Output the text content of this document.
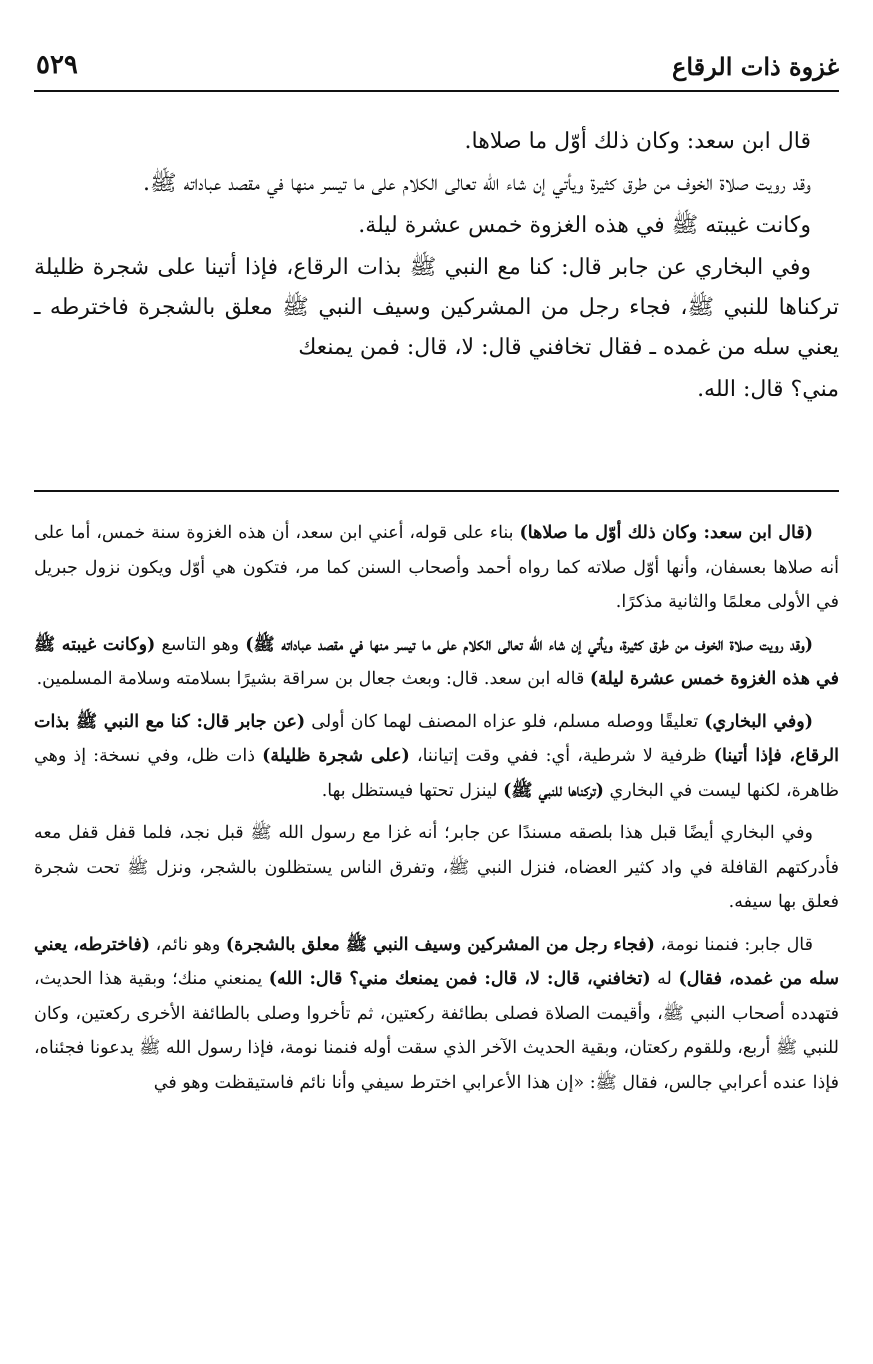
غزوة ذات الرقاع
٥٢٩

قال ابن سعد: وكان ذلك أوّل ما صلاها.

وقد رويت صلاة الخوف من طرق كثيرة ويأتي إن شاء الله تعالى الكلام على ما تيسر منها في مقصد عباداته ﷺ.

وكانت غيبته ﷺ في هذه الغزوة خمس عشرة ليلة.

وفي البخاري عن جابر قال: كنا مع النبي ﷺ بذات الرقاع، فإذا أتينا على شجرة ظليلة تركناها للنبي ﷺ، فجاء رجل من المشركين وسيف النبي ﷺ معلق بالشجرة فاخترطه ـ يعني سله من غمده ـ فقال تخافني قال: لا، قال: فمن يمنعك

مني؟ قال: الله.

(قال ابن سعد: وكان ذلك أوّل ما صلاها) بناء على قوله، أعني ابن سعد، أن هذه الغزوة سنة خمس، أما على أنه صلاها بعسفان، وأنها أوّل صلاته كما رواه أحمد وأصحاب السنن كما مر، فتكون هي أوّل ويكون نزول جبريل في الأولى معلمًا والثانية مذكرًا.

(وقد رويت صلاة الخوف من طرق كثيرة، ويأتي إن شاء الله تعالى الكلام على ما تيسر منها في مقصد عباداته ﷺ) وهو التاسع (وكانت غيبته ﷺ في هذه الغزوة خمس عشرة ليلة) قاله ابن سعد. قال: وبعث جعال بن سراقة بشيرًا بسلامته وسلامة المسلمين.

(وفي البخاري) تعليقًا ووصله مسلم، فلو عزاه المصنف لهما كان أولى (عن جابر قال: كنا مع النبي ﷺ بذات الرقاع، فإذا أتينا) ظرفية لا شرطية، أي: ففي وقت إتياننا، (على شجرة ظليلة) ذات ظل، وفي نسخة: إذ وهي ظاهرة، لكنها ليست في البخاري (تركناها للنبي ﷺ) لينزل تحتها فيستظل بها.

وفي البخاري أيضًا قبل هذا بلصقه مسندًا عن جابر؛ أنه غزا مع رسول الله ﷺ قبل نجد، فلما قفل قفل معه فأدركتهم القافلة في واد كثير العضاه، فنزل النبي ﷺ، وتفرق الناس يستظلون بالشجر، ونزل ﷺ تحت شجرة فعلق بها سيفه.

قال جابر: فنمنا نومة، (فجاء رجل من المشركين وسيف النبي ﷺ معلق بالشجرة) وهو نائم، (فاخترطه، يعني سله من غمده، فقال) له (تخافني، قال: لا، قال: فمن يمنعك مني؟ قال: الله) يمنعني منك؛ وبقية هذا الحديث، فتهدده أصحاب النبي ﷺ، وأقيمت الصلاة فصلى بطائفة ركعتين، ثم تأخروا وصلى بالطائفة الأخرى ركعتين، وكان للنبي ﷺ أربع، وللقوم ركعتان، وبقية الحديث الآخر الذي سقت أوله فنمنا نومة، فإذا رسول الله ﷺ يدعونا فجئناه، فإذا عنده أعرابي جالس، فقال ﷺ: «إن هذا الأعرابي اخترط سيفي وأنا نائم فاستيقظت وهو في
